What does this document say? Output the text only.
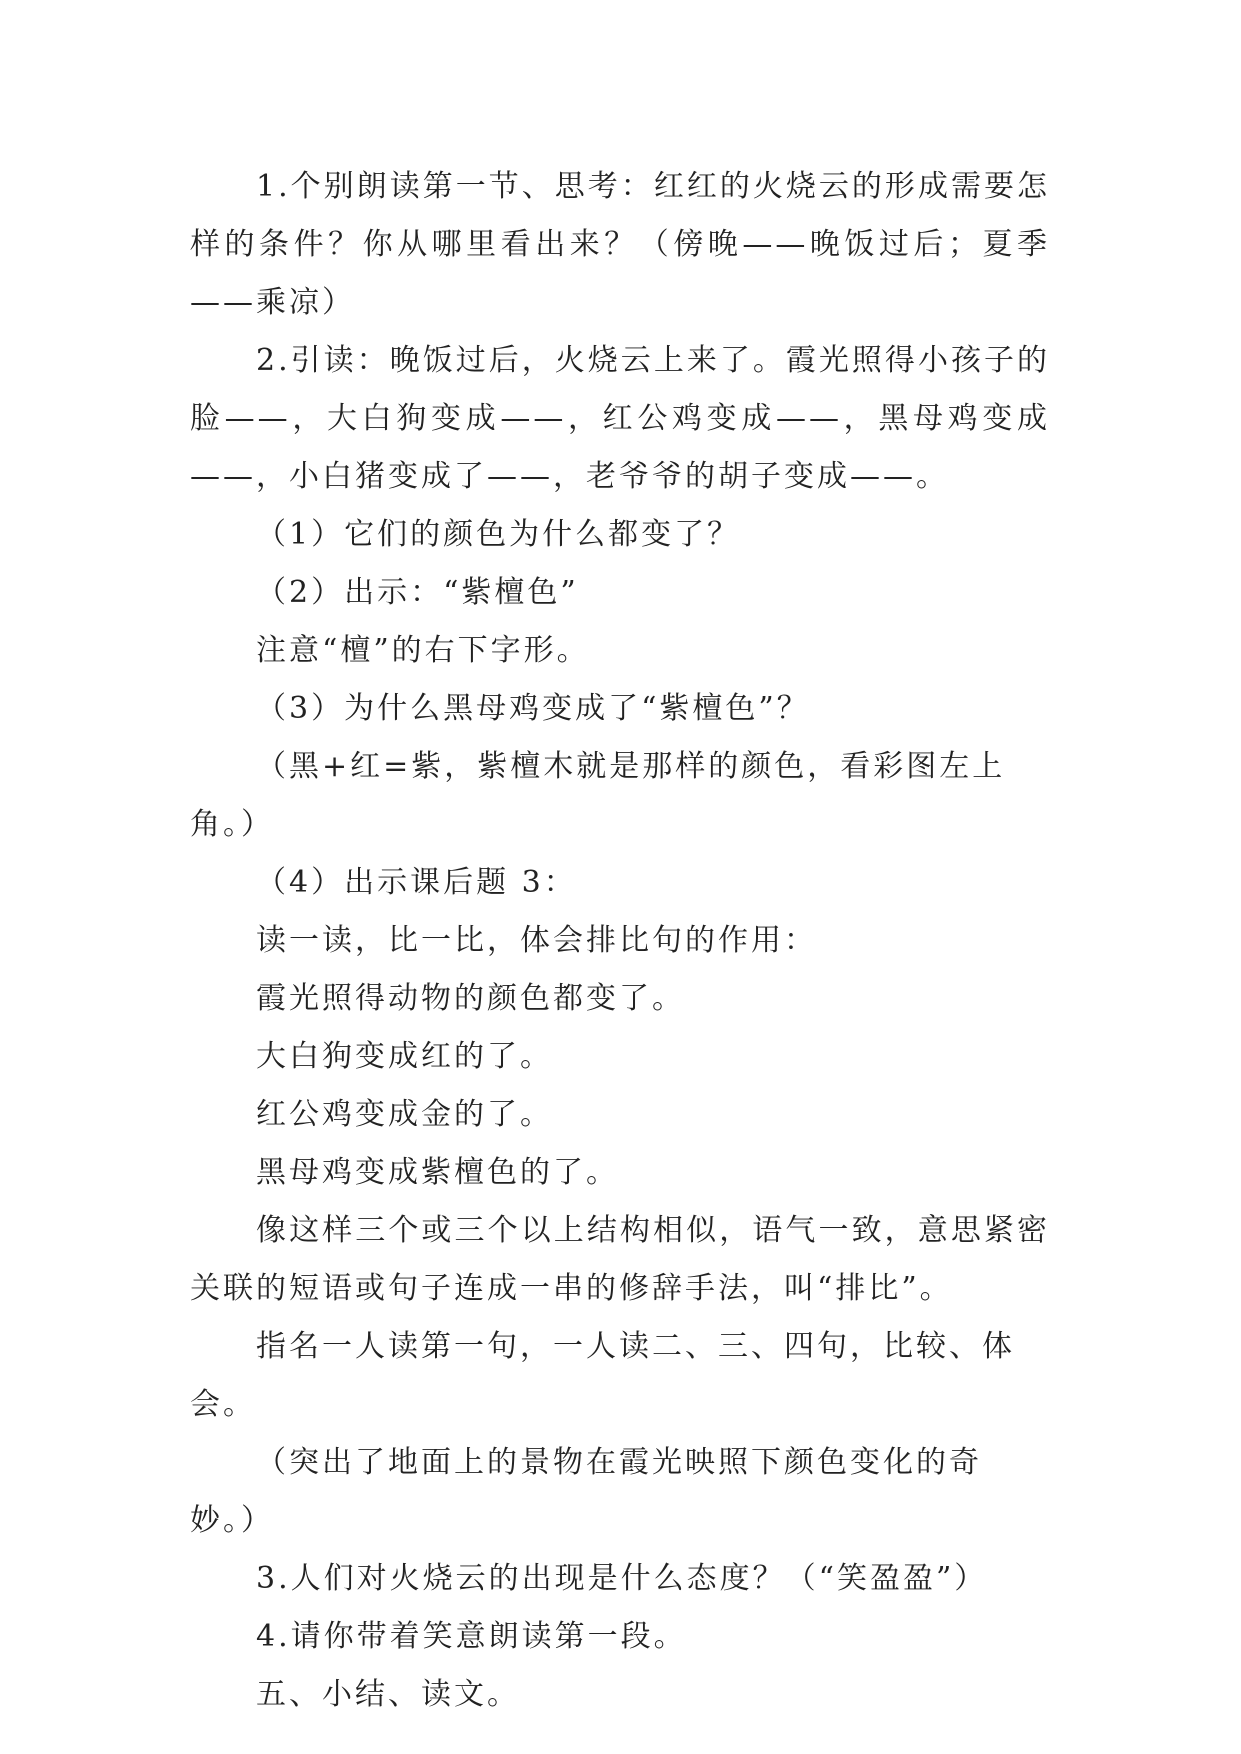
1.个别朗读第一节、思考：红红的火烧云的形成需要怎样的条件？你从哪里看出来？（傍晚——晚饭过后；夏季——乘凉）

2.引读：晚饭过后，火烧云上来了。霞光照得小孩子的脸——，大白狗变成——，红公鸡变成——，黑母鸡变成——，小白猪变成了——，老爷爷的胡子变成——。

（1）它们的颜色为什么都变了？

（2）出示：“紫檀色”

注意“檀”的右下字形。

（3）为什么黑母鸡变成了“紫檀色”？

（黑+红=紫，紫檀木就是那样的颜色，看彩图左上角。）

（4）出示课后题 3：

读一读，比一比，体会排比句的作用：

霞光照得动物的颜色都变了。

大白狗变成红的了。

红公鸡变成金的了。

黑母鸡变成紫檀色的了。

像这样三个或三个以上结构相似，语气一致，意思紧密关联的短语或句子连成一串的修辞手法，叫“排比”。

指名一人读第一句，一人读二、三、四句，比较、体会。

（突出了地面上的景物在霞光映照下颜色变化的奇妙。）

3.人们对火烧云的出现是什么态度？（“笑盈盈”）

4.请你带着笑意朗读第一段。

五、小结、读文。
